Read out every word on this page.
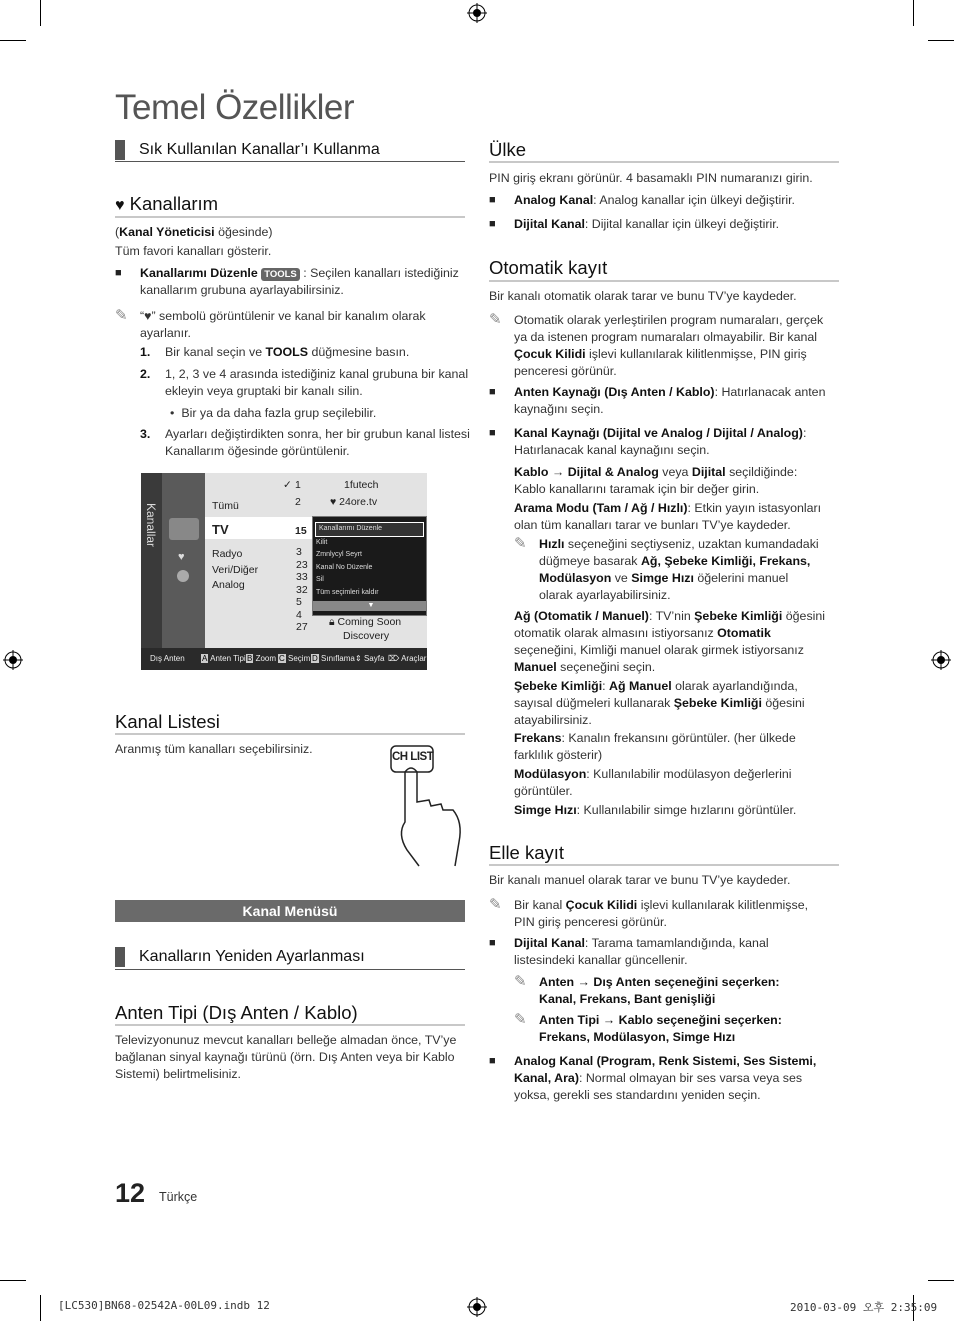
Temel Özellikler
Sık Kullanılan Kanallar’ı Kullanma
♥ Kanallarım
(Kanal Yöneticisi öğesinde)
Tüm favori kanalları gösterir.
■ Kanallarımı Düzenle TOOLS : Seçilen kanalları istediğiniz kanallarım grubuna ayarlayabilirsiniz.
✎ “♥” sembolü görüntülenir ve kanal bir kanalım olarak ayarlanır.
1. Bir kanal seçin ve TOOLS düğmesine basın.
2. 1, 2, 3 ve 4 arasında istediğiniz kanal grubuna bir kanal ekleyin veya gruptaki bir kanalı silin.
• Bir ya da daha fazla grup seçilebilir.
3. Ayarları değiştirdikten sonra, her bir grubun kanal listesi Kanallarım öğesinde görüntülenir.
Kanallar
♥
Tümü
TV
Radyo
Veri/Diğer
Analog
✓ 1
2
1futech
♥ 24ore.tv
15
3
23
33
32
5
4
27 🔒︎ Coming Soon
Discovery
Kanallarımı Düzenle
Kilit
Zmnlycyl Seyrt
Kanal No Düzenle
Sil
Tüm seçimleri kaldır
▼
Dış Anten A Anten Tipi B Zoom C Seçim D Sınıflama ⇕ Sayfa ⌦ Araçlar
Kanal Listesi
Aranmış tüm kanalları seçebilirsiniz.
CH LIST
Kanal Menüsü
Kanalların Yeniden Ayarlanması
Anten Tipi (Dış Anten / Kablo)
Televizyonunuz mevcut kanalları belleğe almadan önce, TV’ye bağlanan sinyal kaynağı türünü (örn. Dış Anten veya bir Kablo Sistemi) belirtmelisiniz.
Ülke
PIN giriş ekranı görünür. 4 basamaklı PIN numaranızı girin.
■ Analog Kanal: Analog kanallar için ülkeyi değiştirir.
■ Dijital Kanal: Dijital kanallar için ülkeyi değiştirir.
Otomatik kayıt
Bir kanalı otomatik olarak tarar ve bunu TV’ye kaydeder.
✎ Otomatik olarak yerleştirilen program numaraları, gerçek ya da istenen program numaraları olmayabilir. Bir kanal Çocuk Kilidi işlevi kullanılarak kilitlenmişse, PIN giriş penceresi görünür.
■ Anten Kaynağı (Dış Anten / Kablo): Hatırlanacak anten kaynağını seçin.
■ Kanal Kaynağı (Dijital ve Analog / Dijital / Analog): Hatırlanacak kanal kaynağını seçin.
Kablo → Dijital & Analog veya Dijital seçildiğinde: Kablo kanallarını taramak için bir değer girin.
Arama Modu (Tam / Ağ / Hızlı): Etkin yayın istasyonları olan tüm kanalları tarar ve bunları TV’ye kaydeder.
✎ Hızlı seçeneğini seçtiyseniz, uzaktan kumandadaki düğmeye basarak Ağ, Şebeke Kimliği, Frekans, Modülasyon ve Simge Hızı öğelerini manuel olarak ayarlayabilirsiniz.
Ağ (Otomatik / Manuel): TV’nin Şebeke Kimliği öğesini otomatik olarak almasını istiyorsanız Otomatik seçeneğini, Kimliği manuel olarak girmek istiyorsanız Manuel seçeneğini seçin.
Şebeke Kimliği: Ağ Manuel olarak ayarlandığında, sayısal düğmeleri kullanarak Şebeke Kimliği öğesini atayabilirsiniz.
Frekans: Kanalın frekansını görüntüler. (her ülkede farklılık gösterir)
Modülasyon: Kullanılabilir modülasyon değerlerini görüntüler.
Simge Hızı: Kullanılabilir simge hızlarını görüntüler.
Elle kayıt
Bir kanalı manuel olarak tarar ve bunu TV’ye kaydeder.
✎ Bir kanal Çocuk Kilidi işlevi kullanılarak kilitlenmişse, PIN giriş penceresi görünür.
■ Dijital Kanal: Tarama tamamlandığında, kanal listesindeki kanallar güncellenir.
✎ Anten → Dış Anten seçeneğini seçerken: Kanal, Frekans, Bant genişliği
✎ Anten Tipi → Kablo seçeneğini seçerken: Frekans, Modülasyon, Simge Hızı
■ Analog Kanal (Program, Renk Sistemi, Ses Sistemi, Kanal, Ara): Normal olmayan bir ses varsa veya ses yoksa, gerekli ses standardını yeniden seçin.
12 Türkçe
[LC530]BN68-02542A-00L09.indb 12	2010-03-09 오후 2:35:09
